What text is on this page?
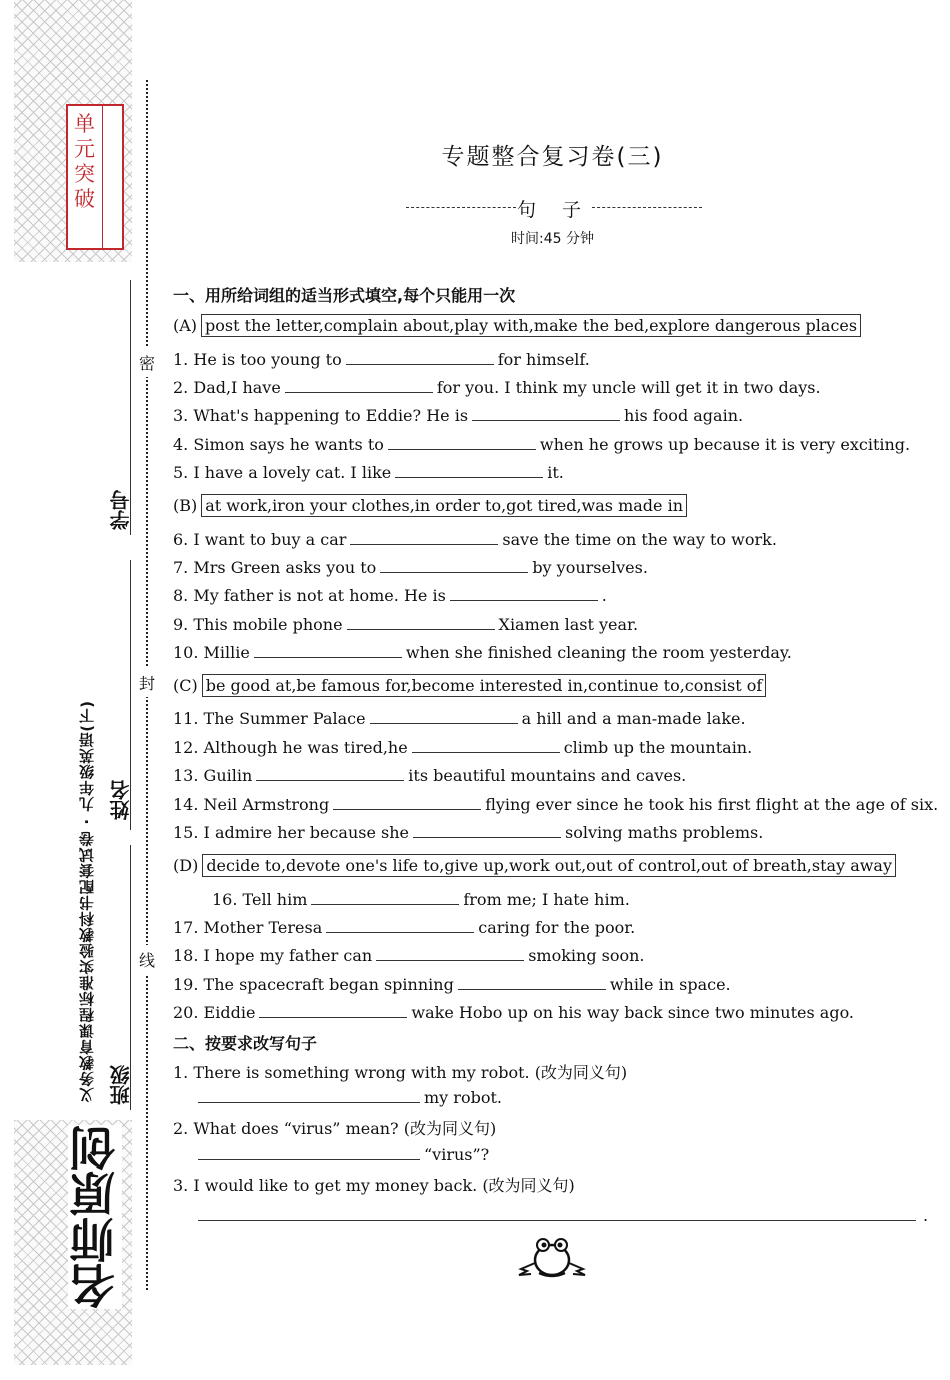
单元突破
密
封
线
学号
姓名
班级
义务教育课程标准实验教科书配套试卷 · 九年级英语(下)
名师原创
专题整合复习卷(三)
句 子
时间:45 分钟
一、用所给词组的适当形式填空,每个只能用一次
(A) post the letter,complain about,play with,make the bed,explore dangerous places
1. He is too young to	for himself.
2. Dad,I have	for you. I think my uncle will get it in two days.
3. What's happening to Eddie? He is	his food again.
4. Simon says he wants to	when he grows up because it is very exciting.
5. I have a lovely cat. I like	it.
(B) at work,iron your clothes,in order to,got tired,was made in
6. I want to buy a car	save the time on the way to work.
7. Mrs Green asks you to	by yourselves.
8. My father is not at home. He is	.
9. This mobile phone	Xiamen last year.
10. Millie	when she finished cleaning the room yesterday.
(C) be good at,be famous for,become interested in,continue to,consist of
11. The Summer Palace	a hill and a man-made lake.
12. Although he was tired,he	climb up the mountain.
13. Guilin	its beautiful mountains and caves.
14. Neil Armstrong	flying ever since he took his first flight at the age of six.
15. I admire her because she	solving maths problems.
(D) decide to,devote one's life to,give up,work out,out of control,out of breath,stay away
16. Tell him	from me; I hate him.
17. Mother Teresa	caring for the poor.
18. I hope my father can	smoking soon.
19. The spacecraft began spinning	while in space.
20. Eiddie	wake Hobo up on his way back since two minutes ago.
二、按要求改写句子
1. There is something wrong with my robot. (改为同义句)
my robot.
2. What does “virus” mean? (改为同义句)
“virus”?
3. I would like to get my money back. (改为同义句)
.
